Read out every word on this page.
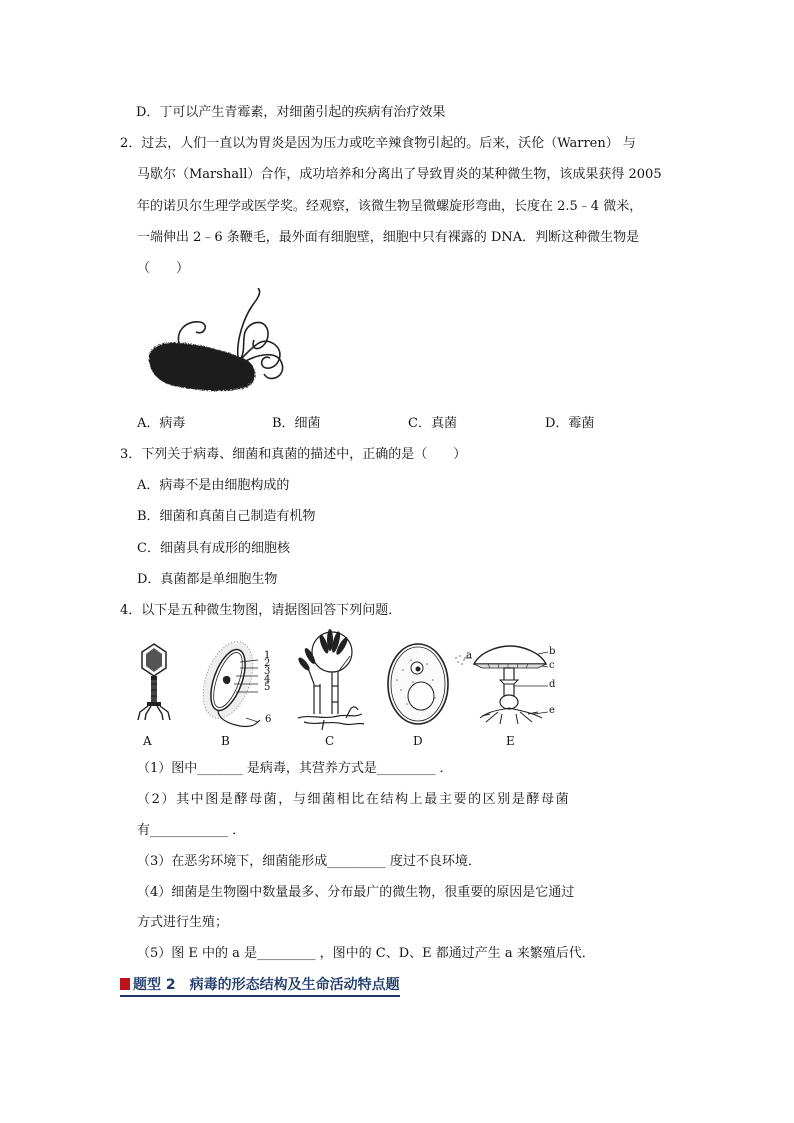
D．丁可以产生青霉素，对细菌引起的疾病有治疗效果
2．过去，人们一直以为胃炎是因为压力或吃辛辣食物引起的。后来，沃伦（Warren） 与
马歇尔（Marshall）合作，成功培养和分离出了导致胃炎的某种微生物，该成果获得 2005
年的诺贝尔生理学或医学奖。经观察，该微生物呈微螺旋形弯曲，长度在 2.5﹣4 微米，
一端伸出 2﹣6 条鞭毛，最外面有细胞壁，细胞中只有裸露的 DNA．判断这种微生物是
（　　）
A．病毒	B．细菌	C．真菌	D．霉菌
3．下列关于病毒、细菌和真菌的描述中，正确的是（　　）
A．病毒不是由细胞构成的
B．细菌和真菌自己制造有机物
C．细菌具有成形的细胞核
D．真菌都是单细胞生物
4．以下是五种微生物图，请据图回答下列问题．
A
1
2
3
4
5
6
B	C	D
a	b
c
d
e
E
（1）图中_______ 是病毒，其营养方式是_________ ．
（2）其中图是酵母菌，与细菌相比在结构上最主要的区别是酵母菌
有____________ ．
（3）在恶劣环境下，细菌能形成_________ 度过不良环境．
（4）细菌是生物圈中数量最多、分布最广的微生物，很重要的原因是它通过
方式进行生殖；
（5）图 E 中的 a 是_________ ，图中的 C、D、E 都通过产生 a 来繁殖后代．
题型 2　病毒的形态结构及生命活动特点题
